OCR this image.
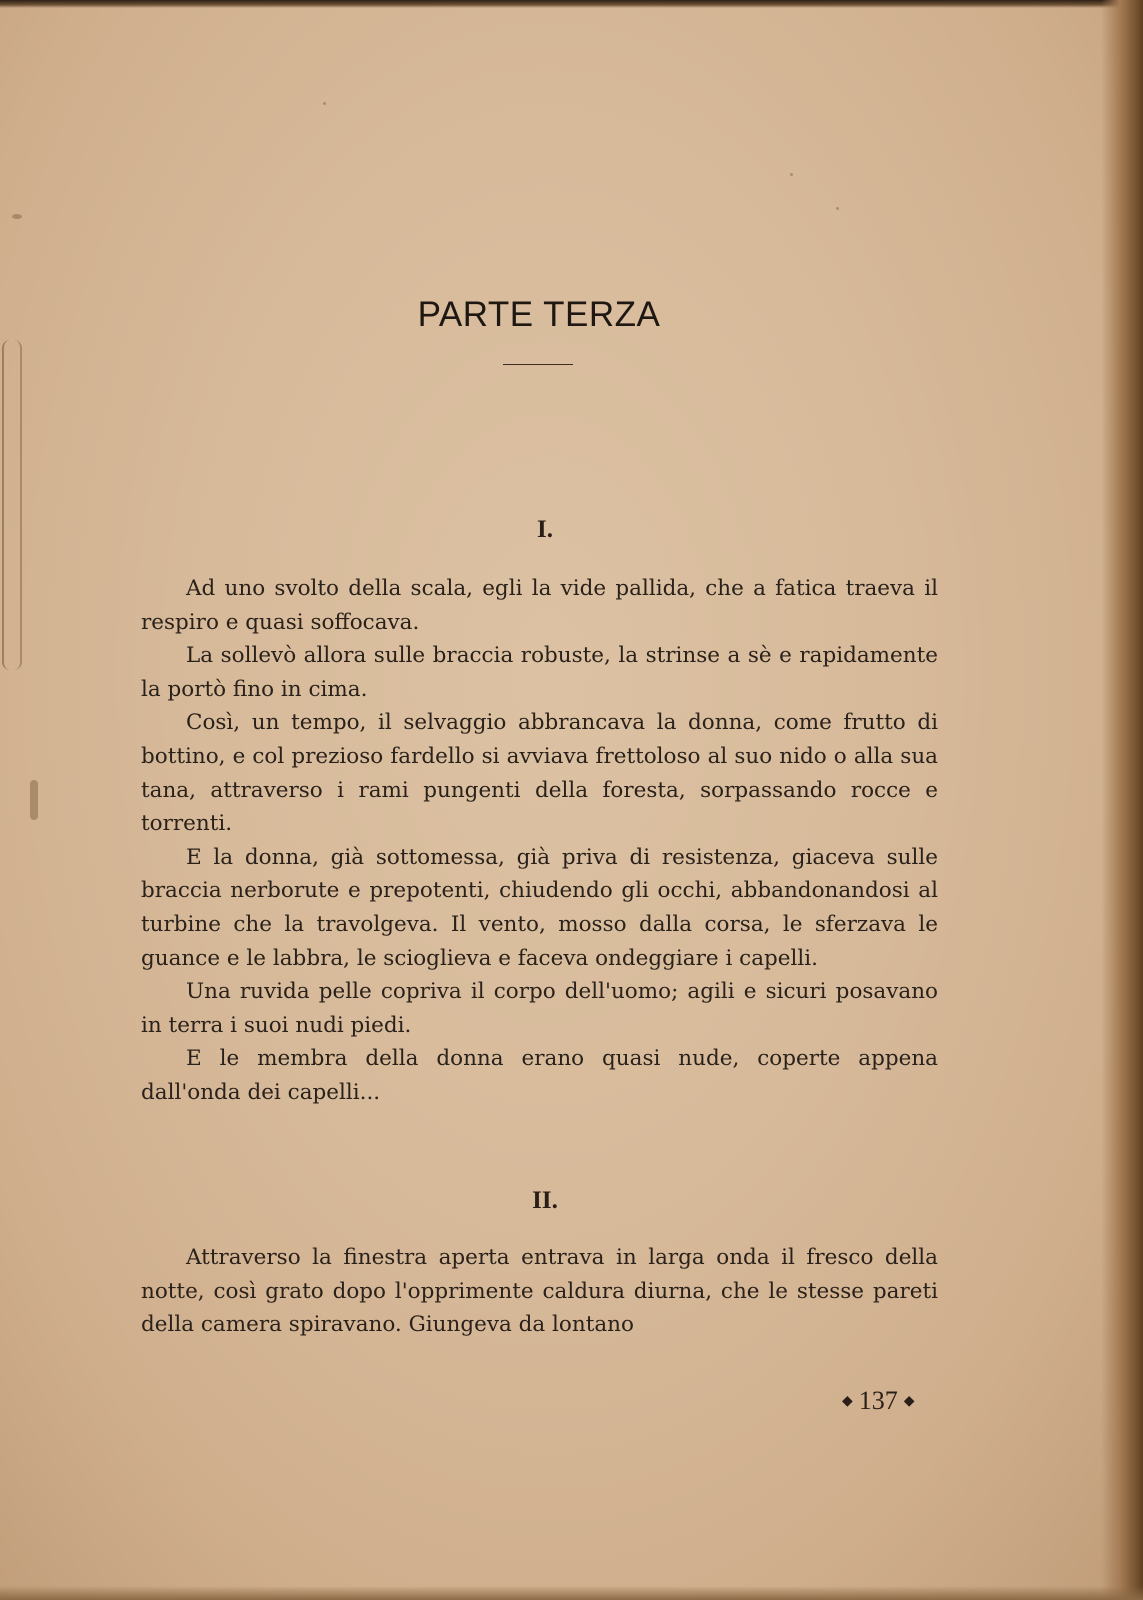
PARTE TERZA
I.

Ad uno svolto della scala, egli la vide pallida, che a fatica traeva il respiro e quasi soffocava.

La sollevò allora sulle braccia robuste, la strinse a sè e rapidamente la portò fino in cima.

Così, un tempo, il selvaggio abbrancava la donna, come frutto di bottino, e col prezioso fardello si avviava frettoloso al suo nido o alla sua tana, attraverso i rami pungenti della foresta, sorpassando rocce e torrenti.

E la donna, già sottomessa, già priva di resistenza, giaceva sulle braccia nerborute e prepotenti, chiudendo gli occhi, abbandonandosi al turbine che la travolgeva. Il vento, mosso dalla corsa, le sferzava le guance e le labbra, le scioglieva e faceva ondeggiare i capelli.

Una ruvida pelle copriva il corpo dell'uomo; agili e sicuri posavano in terra i suoi nudi piedi.

E le membra della donna erano quasi nude, coperte appena dall'onda dei capelli...

II.

Attraverso la finestra aperta entrava in larga onda il fresco della notte, così grato dopo l'opprimente caldura diurna, che le stesse pareti della camera spiravano. Giungeva da lontano

◆ 137 ◆
